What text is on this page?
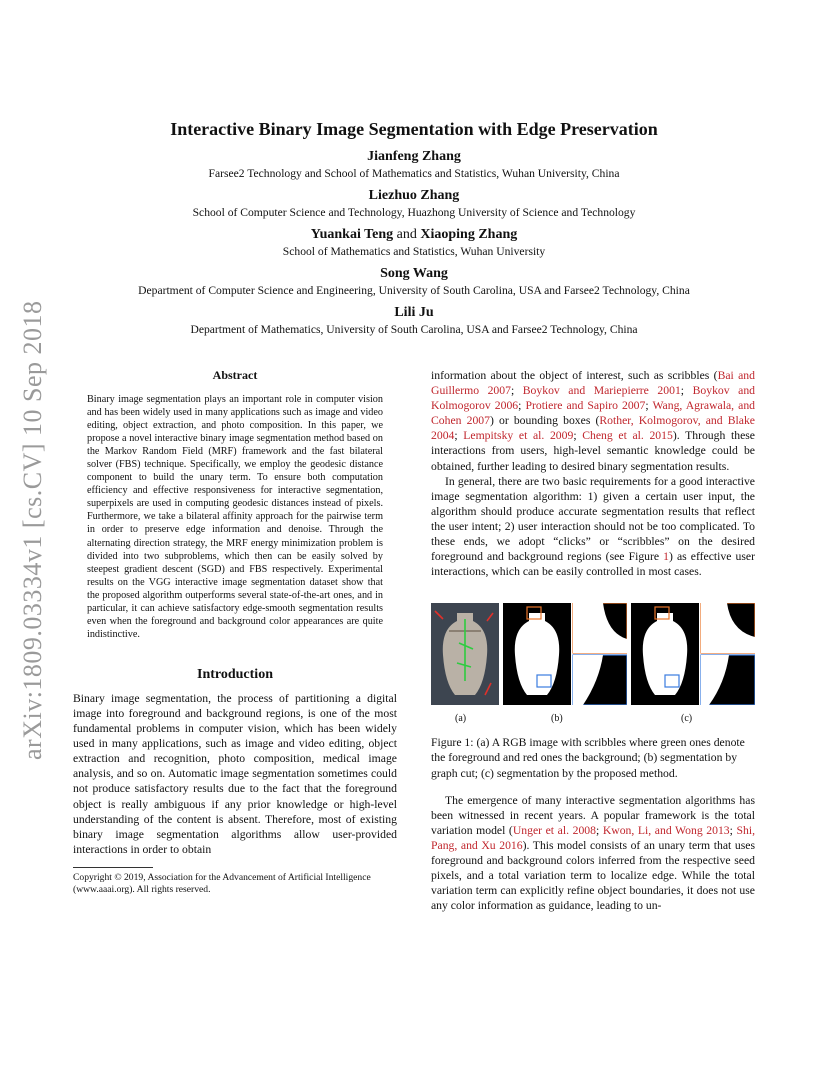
arXiv:1809.03334v1 [cs.CV] 10 Sep 2018
Interactive Binary Image Segmentation with Edge Preservation
Jianfeng Zhang
Farsee2 Technology and School of Mathematics and Statistics, Wuhan University, China
Liezhuo Zhang
School of Computer Science and Technology, Huazhong University of Science and Technology
Yuankai Teng and Xiaoping Zhang
School of Mathematics and Statistics, Wuhan University
Song Wang
Department of Computer Science and Engineering, University of South Carolina, USA and Farsee2 Technology, China
Lili Ju
Department of Mathematics, University of South Carolina, USA and Farsee2 Technology, China
Abstract

Binary image segmentation plays an important role in computer vision and has been widely used in many applications such as image and video editing, object extraction, and photo composition. In this paper, we propose a novel interactive binary image segmentation method based on the Markov Random Field (MRF) framework and the fast bilateral solver (FBS) technique. Specifically, we employ the geodesic distance component to build the unary term. To ensure both computation efficiency and effective responsiveness for interactive segmentation, superpixels are used in computing geodesic distances instead of pixels. Furthermore, we take a bilateral affinity approach for the pairwise term in order to preserve edge information and denoise. Through the alternating direction strategy, the MRF energy minimization problem is divided into two subproblems, which then can be easily solved by steepest gradient descent (SGD) and FBS respectively. Experimental results on the VGG interactive image segmentation dataset show that the proposed algorithm outperforms several state-of-the-art ones, and in particular, it can achieve satisfactory edge-smooth segmentation results even when the foreground and background color appearances are quite indistinctive.

Introduction

Binary image segmentation, the process of partitioning a digital image into foreground and background regions, is one of the most fundamental problems in computer vision, which has been widely used in many applications, such as image and video editing, object extraction and recognition, photo composition, medical image analysis, and so on. Automatic image segmentation sometimes could not produce satisfactory results due to the fact that the foreground object is really ambiguous if any prior knowledge or high-level understanding of the content is absent. Therefore, most of existing binary image segmentation algorithms allow user-provided interactions in order to obtain

Copyright © 2019, Association for the Advancement of Artificial Intelligence (www.aaai.org). All rights reserved.

information about the object of interest, such as scribbles (Bai and Guillermo 2007; Boykov and Mariepierre 2001; Boykov and Kolmogorov 2006; Protiere and Sapiro 2007; Wang, Agrawala, and Cohen 2007) or bounding boxes (Rother, Kolmogorov, and Blake 2004; Lempitsky et al. 2009; Cheng et al. 2015). Through these interactions from users, high-level semantic knowledge could be obtained, further leading to desired binary segmentation results.

In general, there are two basic requirements for a good interactive image segmentation algorithm: 1) given a certain user input, the algorithm should produce accurate segmentation results that reflect the user intent; 2) user interaction should not be too complicated. To these ends, we adopt “clicks” or “scribbles” on the desired foreground and background regions (see Figure 1) as effective user interactions, which can be easily controlled in most cases.

(a)	(b)	(c)

Figure 1: (a) A RGB image with scribbles where green ones denote the foreground and red ones the background; (b) segmentation by graph cut; (c) segmentation by the proposed method.

The emergence of many interactive segmentation algorithms has been witnessed in recent years. A popular framework is the total variation model (Unger et al. 2008; Kwon, Li, and Wong 2013; Shi, Pang, and Xu 2016). This model consists of an unary term that uses foreground and background colors inferred from the respective seed pixels, and a total variation term to localize edge. While the total variation term can explicitly refine object boundaries, it does not use any color information as guidance, leading to un-
